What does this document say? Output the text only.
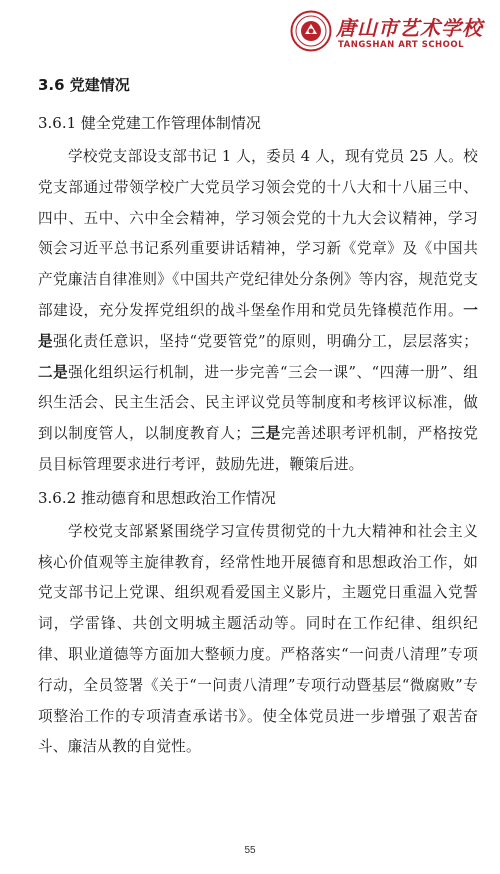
唐山市艺术学校
TANGSHAN ART SCHOOL
3.6 党建情况
3.6.1 健全党建工作管理体制情况

学校党支部设支部书记 1 人，委员 4 人，现有党员 25 人。校党支部通过带领学校广大党员学习领会党的十八大和十八届三中、四中、五中、六中全会精神，学习领会党的十九大会议精神，学习领会习近平总书记系列重要讲话精神，学习新《党章》及《中国共产党廉洁自律准则》《中国共产党纪律处分条例》等内容，规范党支部建设，充分发挥党组织的战斗堡垒作用和党员先锋模范作用。一是强化责任意识，坚持“党要管党”的原则，明确分工，层层落实；二是强化组织运行机制，进一步完善“三会一课”、“四薄一册”、组织生活会、民主生活会、民主评议党员等制度和考核评议标准，做到以制度管人，以制度教育人；三是完善述职考评机制，严格按党员目标管理要求进行考评，鼓励先进，鞭策后进。

3.6.2 推动德育和思想政治工作情况

学校党支部紧紧围绕学习宣传贯彻党的十九大精神和社会主义核心价值观等主旋律教育，经常性地开展德育和思想政治工作，如党支部书记上党课、组织观看爱国主义影片，主题党日重温入党誓词，学雷锋、共创文明城主题活动等。同时在工作纪律、组织纪律、职业道德等方面加大整顿力度。严格落实“一问责八清理”专项行动，全员签署《关于“一问责八清理”专项行动暨基层“微腐败”专项整治工作的专项清查承诺书》。使全体党员进一步增强了艰苦奋斗、廉洁从教的自觉性。

55
